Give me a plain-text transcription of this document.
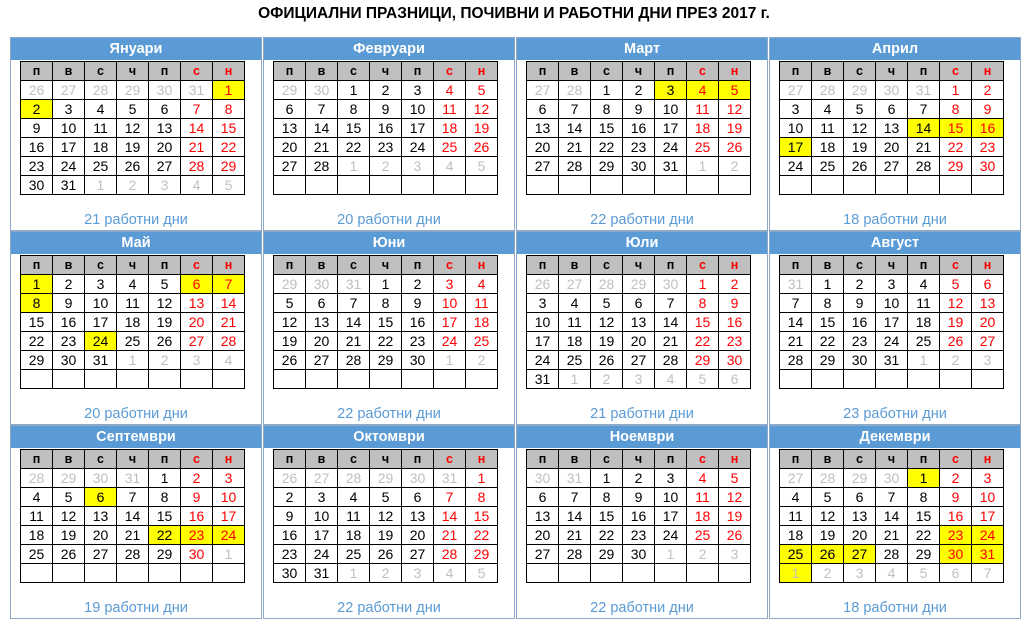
ОФИЦИАЛНИ ПРАЗНИЦИ, ПОЧИВНИ И РАБОТНИ ДНИ ПРЕЗ 2017 г.
Януари
п	в	с	ч	п	с	н
26	27	28	29	30	31	1
2	3	4	5	6	7	8
9	10	11	12	13	14	15
16	17	18	19	20	21	22
23	24	25	26	27	28	29
30	31	1	2	3	4	5
21 работни дни
Февруари
п	в	с	ч	п	с	н
29	30	1	2	3	4	5
6	7	8	9	10	11	12
13	14	15	16	17	18	19
20	21	22	23	24	25	26
27	28	1	2	3	4	5

20 работни дни
Март
п	в	с	ч	п	с	н
27	28	1	2	3	4	5
6	7	8	9	10	11	12
13	14	15	16	17	18	19
20	21	22	23	24	25	26
27	28	29	30	31	1	2

22 работни дни
Април
п	в	с	ч	п	с	н
27	28	29	30	31	1	2
3	4	5	6	7	8	9
10	11	12	13	14	15	16
17	18	19	20	21	22	23
24	25	26	27	28	29	30

18 работни дни
Май
п	в	с	ч	п	с	н
1	2	3	4	5	6	7
8	9	10	11	12	13	14
15	16	17	18	19	20	21
22	23	24	25	26	27	28
29	30	31	1	2	3	4

20 работни дни
Юни
п	в	с	ч	п	с	н
29	30	31	1	2	3	4
5	6	7	8	9	10	11
12	13	14	15	16	17	18
19	20	21	22	23	24	25
26	27	28	29	30	1	2

22 работни дни
Юли
п	в	с	ч	п	с	н
26	27	28	29	30	1	2
3	4	5	6	7	8	9
10	11	12	13	14	15	16
17	18	19	20	21	22	23
24	25	26	27	28	29	30
31	1	2	3	4	5	6
21 работни дни
Август
п	в	с	ч	п	с	н
31	1	2	3	4	5	6
7	8	9	10	11	12	13
14	15	16	17	18	19	20
21	22	23	24	25	26	27
28	29	30	31	1	2	3

23 работни дни
Септември
п	в	с	ч	п	с	н
28	29	30	31	1	2	3
4	5	6	7	8	9	10
11	12	13	14	15	16	17
18	19	20	21	22	23	24
25	26	27	28	29	30	1

19 работни дни
Октомври
п	в	с	ч	п	с	н
26	27	28	29	30	31	1
2	3	4	5	6	7	8
9	10	11	12	13	14	15
16	17	18	19	20	21	22
23	24	25	26	27	28	29
30	31	1	2	3	4	5
22 работни дни
Ноември
п	в	с	ч	п	с	н
30	31	1	2	3	4	5
6	7	8	9	10	11	12
13	14	15	16	17	18	19
20	21	22	23	24	25	26
27	28	29	30	1	2	3

22 работни дни
Декември
п	в	с	ч	п	с	н
27	28	29	30	1	2	3
4	5	6	7	8	9	10
11	12	13	14	15	16	17
18	19	20	21	22	23	24
25	26	27	28	29	30	31
1	2	3	4	5	6	7
18 работни дни
